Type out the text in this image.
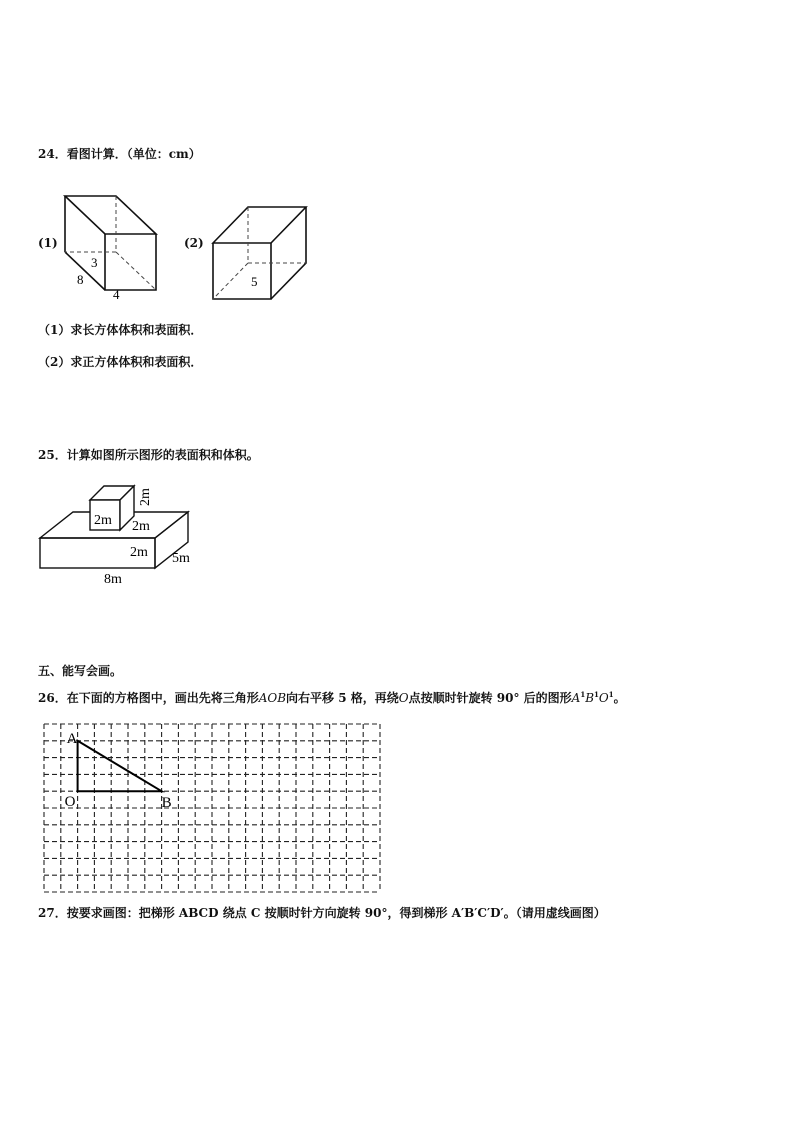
24．看图计算．（单位：cm）
(1)
3
8
4
(2)
5
（1）求长方体体积和表面积．
（2）求正方体体积和表面积．
25．计算如图所示图形的表面积和体积。
2m
2m
2m
2m 5m
8m
五、能写会画。
26．在下面的方格图中，画出先将三角形AOB向右平移 5 格，再绕O点按顺时针旋转 90° 后的图形$A^1B^1O^1$。
A
O	B
27．按要求画图：把梯形 ABCD 绕点 C 按顺时针方向旋转 90°，得到梯形 A′B′C′D′。（请用虚线画图）
